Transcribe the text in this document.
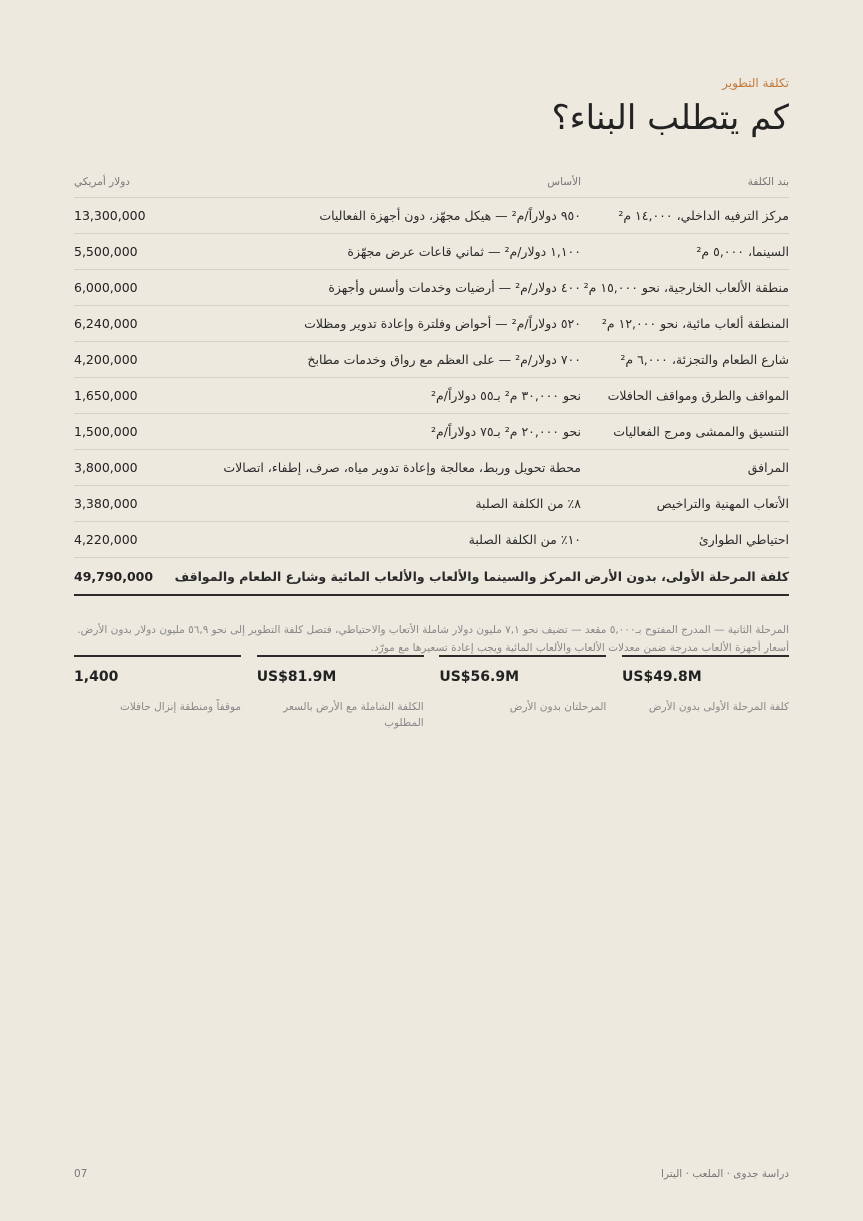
تكلفة التطوير
كم يتطلب البناء؟
بند الكلفة	الأساس	دولار أمريكي
مركز الترفيه الداخلي، ١٤,٠٠٠ م²	٩٥٠ دولاراً/م² — هيكل مجهّز، دون أجهزة الفعاليات	13,300,000
السينما، ٥,٠٠٠ م²	١,١٠٠ دولار/م² — ثماني قاعات عرض مجهّزة	5,500,000
منطقة الألعاب الخارجية، نحو ١٥,٠٠٠ م²	٤٠٠ دولار/م² — أرضيات وخدمات وأسس وأجهزة	6,000,000
المنطقة ألعاب مائية، نحو ١٢,٠٠٠ م²	٥٢٠ دولاراً/م² — أحواض وفلترة وإعادة تدوير ومظلات	6,240,000
شارع الطعام والتجزئة، ٦,٠٠٠ م²	٧٠٠ دولار/م² — على العظم مع رواق وخدمات مطابخ	4,200,000
المواقف والطرق ومواقف الحافلات	نحو ٣٠,٠٠٠ م² بـ٥٥ دولاراً/م²	1,650,000
التنسيق والممشى ومرج الفعاليات	نحو ٢٠,٠٠٠ م² بـ٧٥ دولاراً/م²	1,500,000
المرافق	محطة تحويل وربط، معالجة وإعادة تدوير مياه، صرف، إطفاء، اتصالات	3,800,000
الأتعاب المهنية والتراخيص	٨٪ من الكلفة الصلبة	3,380,000
احتياطي الطوارئ	١٠٪ من الكلفة الصلبة	4,220,000
كلفة المرحلة الأولى، بدون الأرض	المركز والسينما والألعاب والألعاب المائية وشارع الطعام والمواقف	49,790,000

المرحلة الثانية — المدرج المفتوح بـ٥,٠٠٠ مقعد — تضيف نحو ٧,١ مليون دولار شاملة الأتعاب والاحتياطي، فتصل كلفة التطوير إلى نحو ٥٦,٩ مليون دولار بدون الأرض. أسعار أجهزة الألعاب مدرجة ضمن معدلات الألعاب والألعاب المائية ويجب إعادة تسعيرها مع مورّد.

US$49.8M
كلفة المرحلة الأولى بدون الأرض
US$56.9M
المرحلتان بدون الأرض
US$81.9M
الكلفة الشاملة مع الأرض بالسعر المطلوب
1,400
موقفاً ومنطقة إنزال حافلات
دراسة جدوى · الملعب · اليترا
07
